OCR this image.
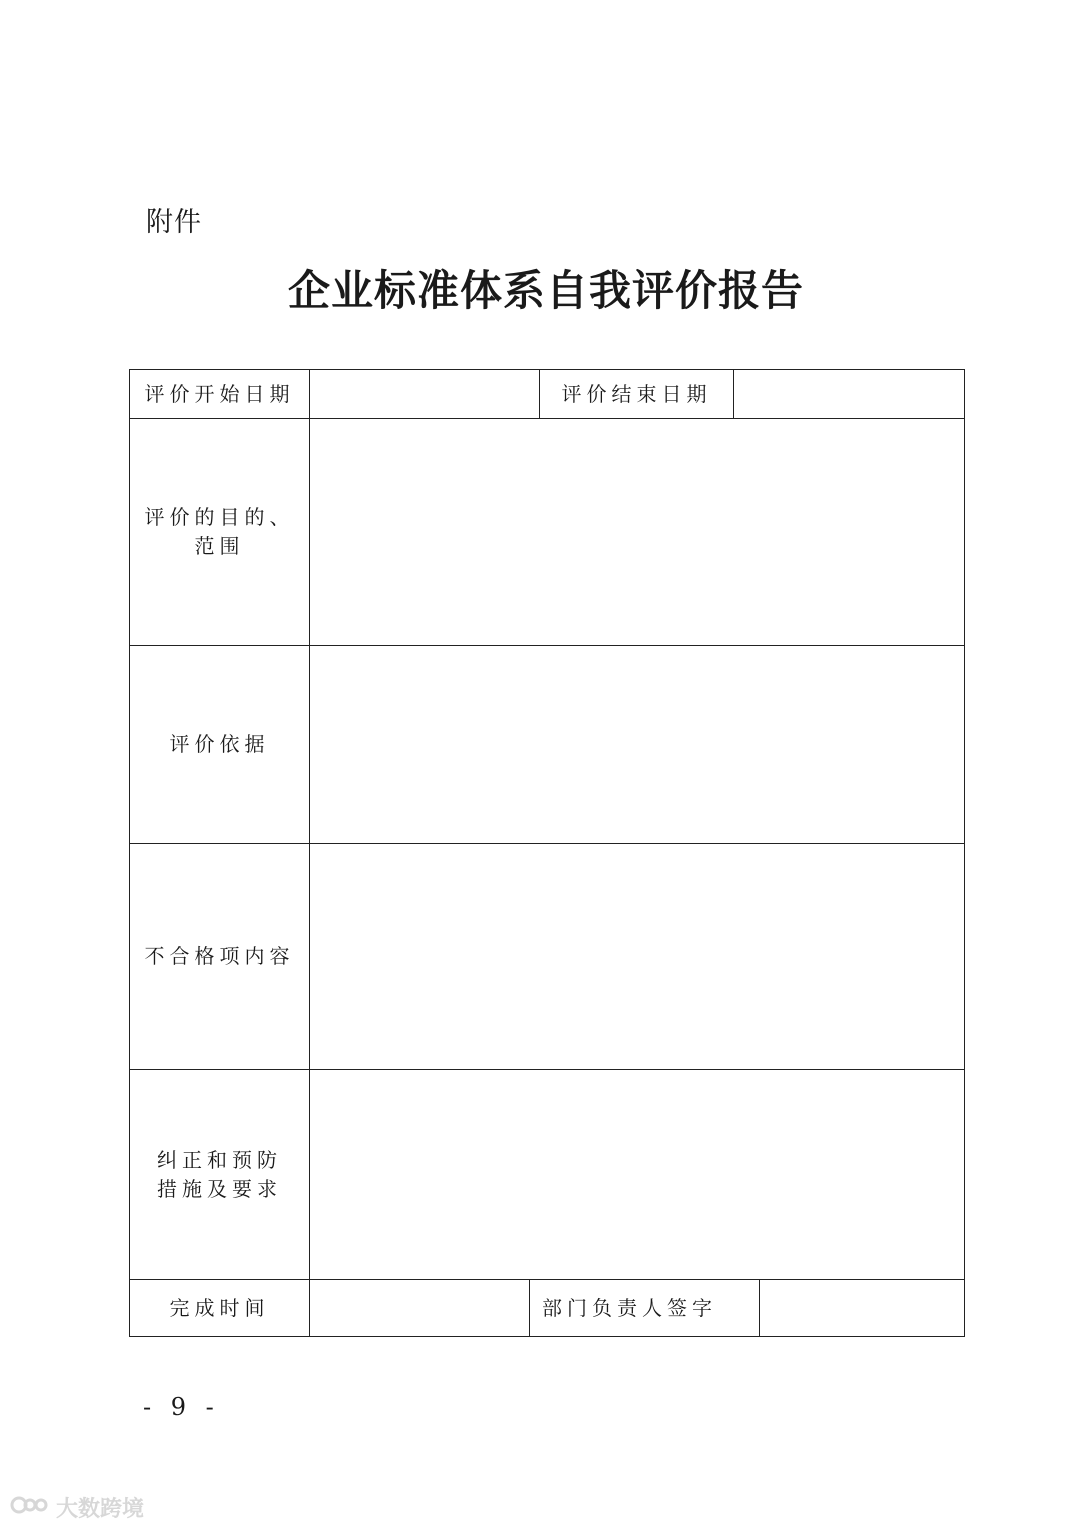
附件
企业标准体系自我评价报告
评价开始日期			评价结束日期		

评价的目的、
范围					

评价依据					
不合格项内容					

纠正和预防
措施及要求					

完成时间		部门负责人签字			
- 9 -
大数跨境
